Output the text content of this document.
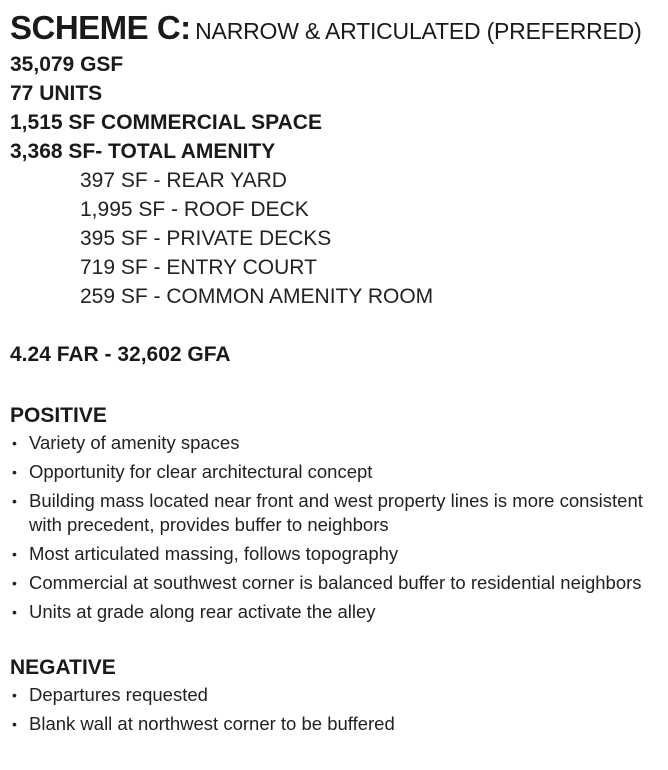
SCHEME C: NARROW & ARTICULATED (PREFERRED)
35,079 GSF
77 UNITS
1,515 SF COMMERCIAL SPACE
3,368 SF- TOTAL AMENITY
397 SF - REAR YARD
1,995 SF - ROOF DECK
395 SF - PRIVATE DECKS
719 SF - ENTRY COURT
259 SF - COMMON AMENITY ROOM
4.24 FAR - 32,602 GFA
POSITIVE
• Variety of amenity spaces
• Opportunity for clear architectural concept
• Building mass located near front and west property lines is more consistent with precedent, provides buffer to neighbors
• Most articulated massing, follows topography
• Commercial at southwest corner is balanced buffer to residential neighbors
• Units at grade along rear activate the alley
NEGATIVE
• Departures requested
• Blank wall at northwest corner to be buffered
